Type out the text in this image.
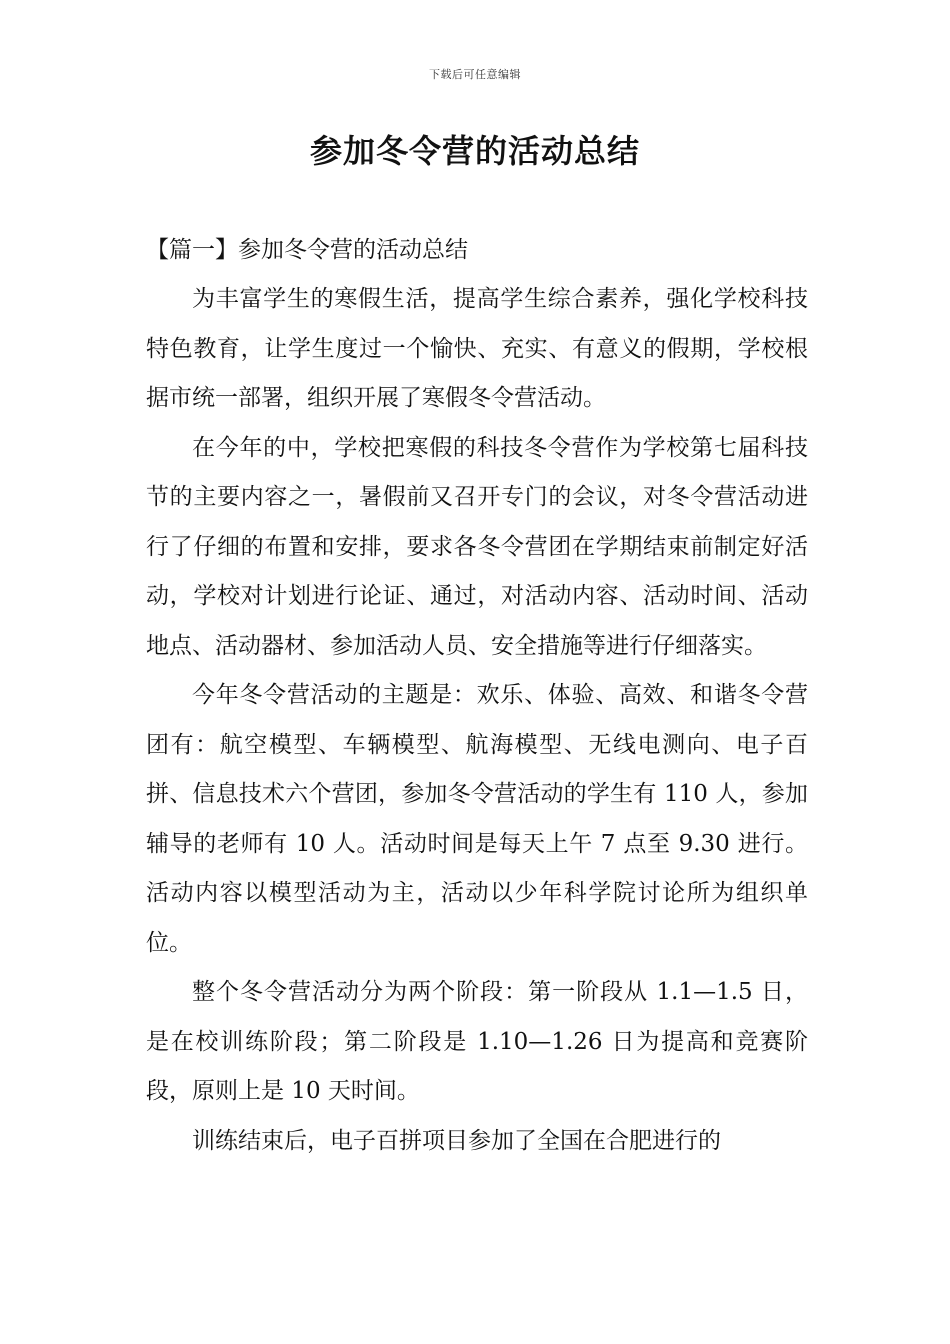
下载后可任意编辑
参加冬令营的活动总结
【篇一】参加冬令营的活动总结

为丰富学生的寒假生活，提高学生综合素养，强化学校科技特色教育，让学生度过一个愉快、充实、有意义的假期，学校根据市统一部署，组织开展了寒假冬令营活动。

在今年的中，学校把寒假的科技冬令营作为学校第七届科技节的主要内容之一，暑假前又召开专门的会议，对冬令营活动进行了仔细的布置和安排，要求各冬令营团在学期结束前制定好活动，学校对计划进行论证、通过，对活动内容、活动时间、活动地点、活动器材、参加活动人员、安全措施等进行仔细落实。

今年冬令营活动的主题是：欢乐、体验、高效、和谐冬令营团有：航空模型、车辆模型、航海模型、无线电测向、电子百拼、信息技术六个营团，参加冬令营活动的学生有 110 人，参加辅导的老师有 10 人。活动时间是每天上午 7 点至 9.30 进行。活动内容以模型活动为主，活动以少年科学院讨论所为组织单位。

整个冬令营活动分为两个阶段：第一阶段从 1.1—1.5 日，是在校训练阶段；第二阶段是 1.10—1.26 日为提高和竞赛阶段，原则上是 10 天时间。

训练结束后，电子百拼项目参加了全国在合肥进行的
